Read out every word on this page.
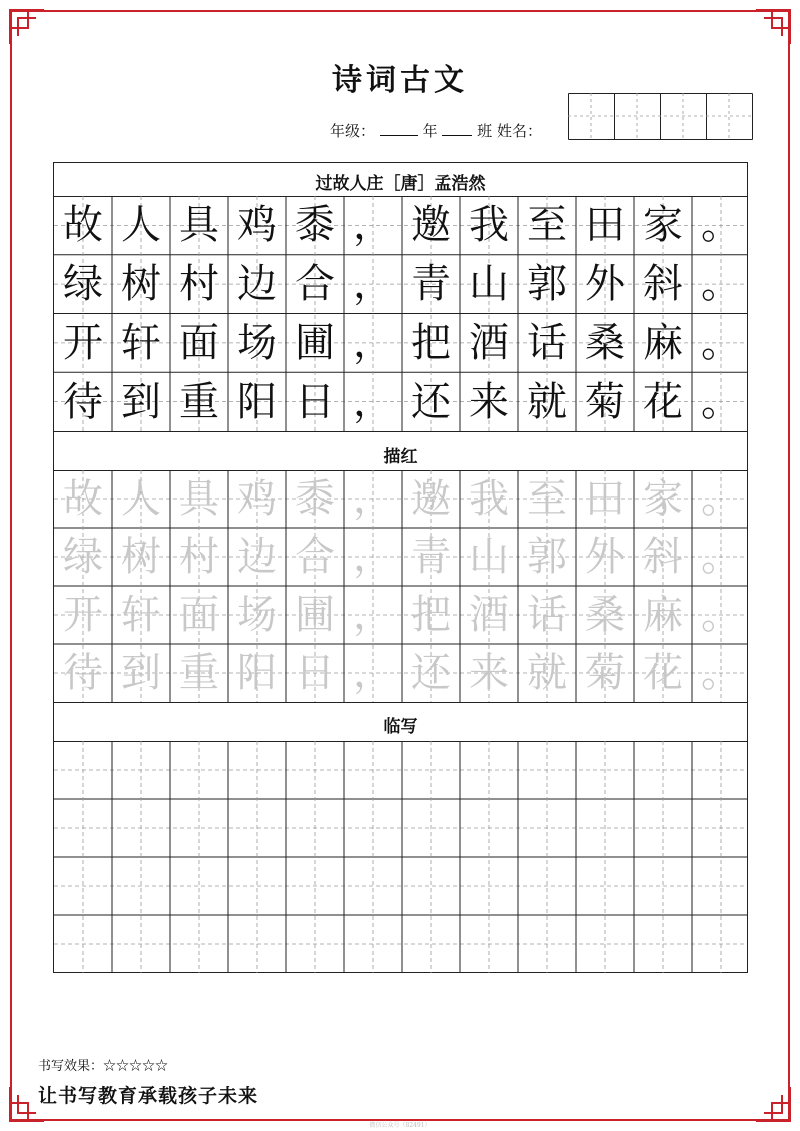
诗词古文
年级：	年	班 姓名：
过故人庄［唐］孟浩然
故 人 具 鸡 黍 ， 邀 我 至 田 家 。
绿 树 村 边 合 ， 青 山 郭 外 斜 。
开 轩 面 场 圃 ， 把 酒 话 桑 麻 。
待 到 重 阳 日 ， 还 来 就 菊 花 。
描红
故 人 具 鸡 黍 ， 邀 我 至 田 家 。
绿 树 村 边 合 ， 青 山 郭 外 斜 。
开 轩 面 场 圃 ， 把 酒 话 桑 麻 。
待 到 重 阳 日 ， 还 来 就 菊 花 。
临写
书写效果：☆☆☆☆☆
让书写教育承载孩子未来
微信公众号（82491）
